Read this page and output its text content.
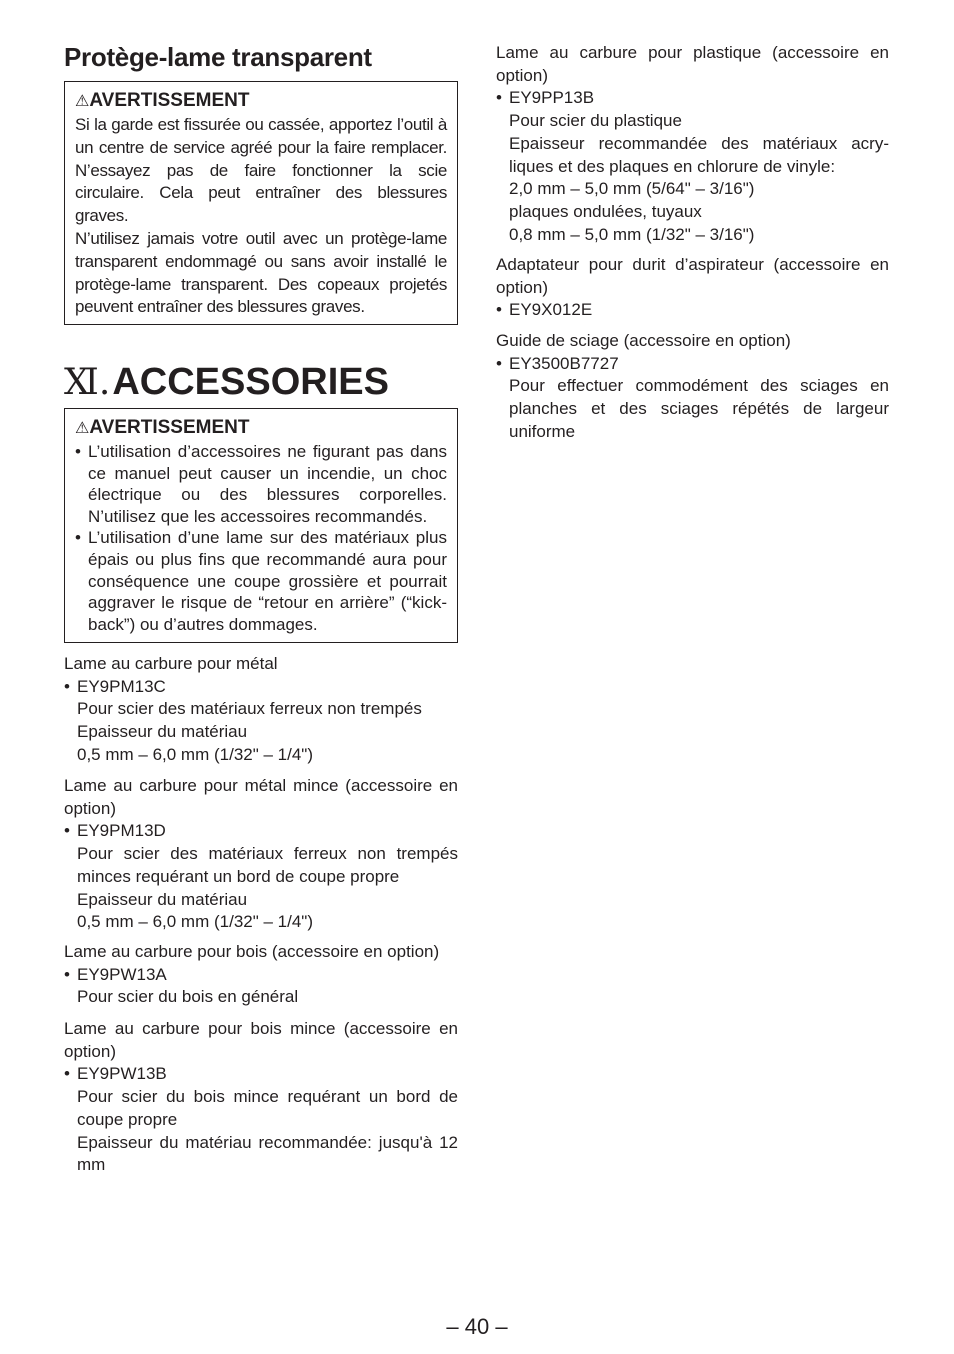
Protège-lame transparent

⚠AVERTISSEMENT

Si la garde est fissurée ou cassée, apportez l’outil à un centre de service agréé pour la faire remplacer. N’essayez pas de faire fonctionner la scie circulaire. Cela peut entraîner des blessures graves.

N’utilisez jamais votre outil avec un protège-lame transparent endommagé ou sans avoir installé le protège-lame transparent. Des copeaux projetés peuvent entraîner des blessures graves.

Ⅺ.ACCESSORIES

⚠AVERTISSEMENT

• L’utilisation d’accessoires ne figurant pas dans ce manuel peut causer un incendie, un choc électrique ou des blessures corporelles. N’utilisez que les accessoires recommandés.
• L’utilisation d’une lame sur des matériaux plus épais ou plus fins que recommandé aura pour conséquence une coupe grossière et pourrait aggraver le risque de “retour en arrière” (“kick-back”) ou d’autres dommages.

Lame au carbure pour métal

• EY9PM13C

Pour scier des matériaux ferreux non trempés

Epaisseur du matériau

0,5 mm – 6,0 mm (1/32" – 1/4")

Lame au carbure pour métal mince (accessoire en option)

• EY9PM13D

Pour scier des matériaux ferreux non trempés minces requérant un bord de coupe propre

Epaisseur du matériau

0,5 mm – 6,0 mm (1/32" – 1/4")

Lame au carbure pour bois (accessoire en option)

• EY9PW13A

Pour scier du bois en général

Lame au carbure pour bois mince (accessoire en option)

• EY9PW13B

Pour scier du bois mince requérant un bord de coupe propre

Epaisseur du matériau recommandée: jusqu'à 12 mm

Lame au carbure pour plastique (accessoire en option)

• EY9PP13B

Pour scier du plastique

Epaisseur recommandée des matériaux acry-liques et des plaques en chlorure de vinyle:

2,0 mm – 5,0 mm (5/64" – 3/16")

plaques ondulées, tuyaux

0,8 mm – 5,0 mm (1/32" – 3/16")

Adaptateur pour durit d’aspirateur (accessoire en option)

• EY9X012E

Guide de sciage (accessoire en option)

• EY3500B7727

Pour effectuer commodément des sciages en planches et des sciages répétés de largeur uniforme

– 40 –
